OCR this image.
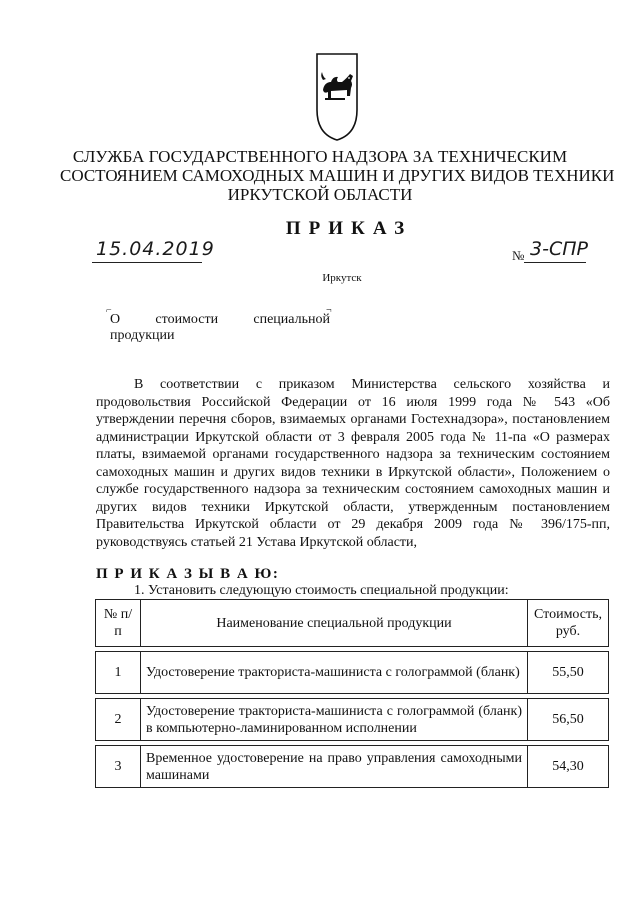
СЛУЖБА ГОСУДАРСТВЕННОГО НАДЗОРА ЗА ТЕХНИЧЕСКИМ
СОСТОЯНИЕМ САМОХОДНЫХ МАШИН И ДРУГИХ ВИДОВ ТЕХНИКИ
ИРКУТСКОЙ ОБЛАСТИ
ПРИКАЗ
15.04.2019	№ 3-СПР
Иркутск
⌐	¬
О	стоимости	специальной
продукции
В соответствии с приказом Министерства сельского хозяйства и продовольствия Российской Федерации от 16 июля 1999 года № 543 «Об утверждении перечня сборов, взимаемых органами Гостехнадзора», постановлением администрации Иркутской области от 3 февраля 2005 года № 11-па «О размерах платы, взимаемой органами государственного надзора за техническим состоянием самоходных машин и других видов техники в Иркутской области», Положением о службе государственного надзора за техническим состоянием самоходных машин и других видов техники Иркутской области, утвержденным постановлением Правительства Иркутской области от 29 декабря 2009 года № 396/175-пп, руководствуясь статьей 21 Устава Иркутской области,
П Р И К А З Ы В А Ю:
1. Установить следующую стоимость специальной продукции:
№ п/п	Наименование специальной продукции	Стоимость, руб.

1	Удостоверение тракториста-машиниста с голограммой (бланк)	55,50

2	Удостоверение тракториста-машиниста с голограммой (бланк) в компьютерно-ламинированном исполнении	56,50

3	Временное удостоверение на право управления самоходными машинами	54,30
